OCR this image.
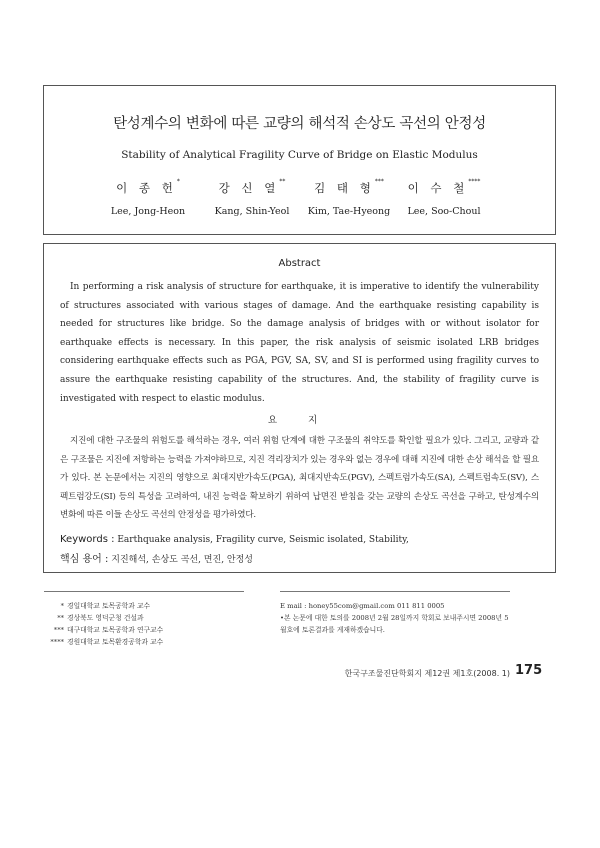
탄성계수의 변화에 따른 교량의 해석적 손상도 곡선의 안정성
Stability of Analytical Fragility Curve of Bridge on Elastic Modulus
이 종 헌*
Lee, Jong-Heon
강 신 열**
Kang, Shin-Yeol
김 태 형***
Kim, Tae-Hyeong
이 수 철****
Lee, Soo-Choul
Abstract
In performing a risk analysis of structure for earthquake, it is imperative to identify the vulnerability of structures associated with various stages of damage. And the earthquake resisting capability is needed for structures like bridge. So the damage analysis of bridges with or without isolator for earthquake effects is necessary. In this paper, the risk analysis of seismic isolated LRB bridges considering earthquake effects such as PGA, PGV, SA, SV, and SI is performed using fragility curves to assure the earthquake resisting capability of the structures. And, the stability of fragility curve is investigated with respect to elastic modulus.
요 지
지진에 대한 구조물의 위험도를 해석하는 경우, 여러 위험 단계에 대한 구조물의 취약도를 확인할 필요가 있다. 그리고, 교량과 같은 구조물은 지진에 저항하는 능력을 가져야하므로, 지진 격리장치가 있는 경우와 없는 경우에 대해 지진에 대한 손상 해석을 할 필요가 있다. 본 논문에서는 지진의 영향으로 최대지반가속도(PGA), 최대지반속도(PGV), 스펙트럼가속도(SA), 스펙트럼속도(SV), 스펙트럼강도(SI) 등의 특성을 고려하여, 내진 능력을 확보하기 위하여 납면진 받침을 갖는 교량의 손상도 곡선을 구하고, 탄성계수의 변화에 따른 이들 손상도 곡선의 안정성을 평가하였다.
Keywords : Earthquake analysis, Fragility curve, Seismic isolated, Stability,
핵심 용어 : 지진해석, 손상도 곡선, 면진, 안정성
* 경일대학교 토목공학과 교수
** 경상북도 영덕군청 건설과
*** 대구대학교 토목공학과 연구교수
**** 경원대학교 토목환경공학과 교수
E mail : honey55com@gmail.com 011 811 0005
•본 논문에 대한 토의를 2008년 2월 28일까지 학회로 보내주시면 2008년 5월호에 토론결과를 게재하겠습니다.
한국구조물진단학회지 제12권 제1호(2008. 1) 175
